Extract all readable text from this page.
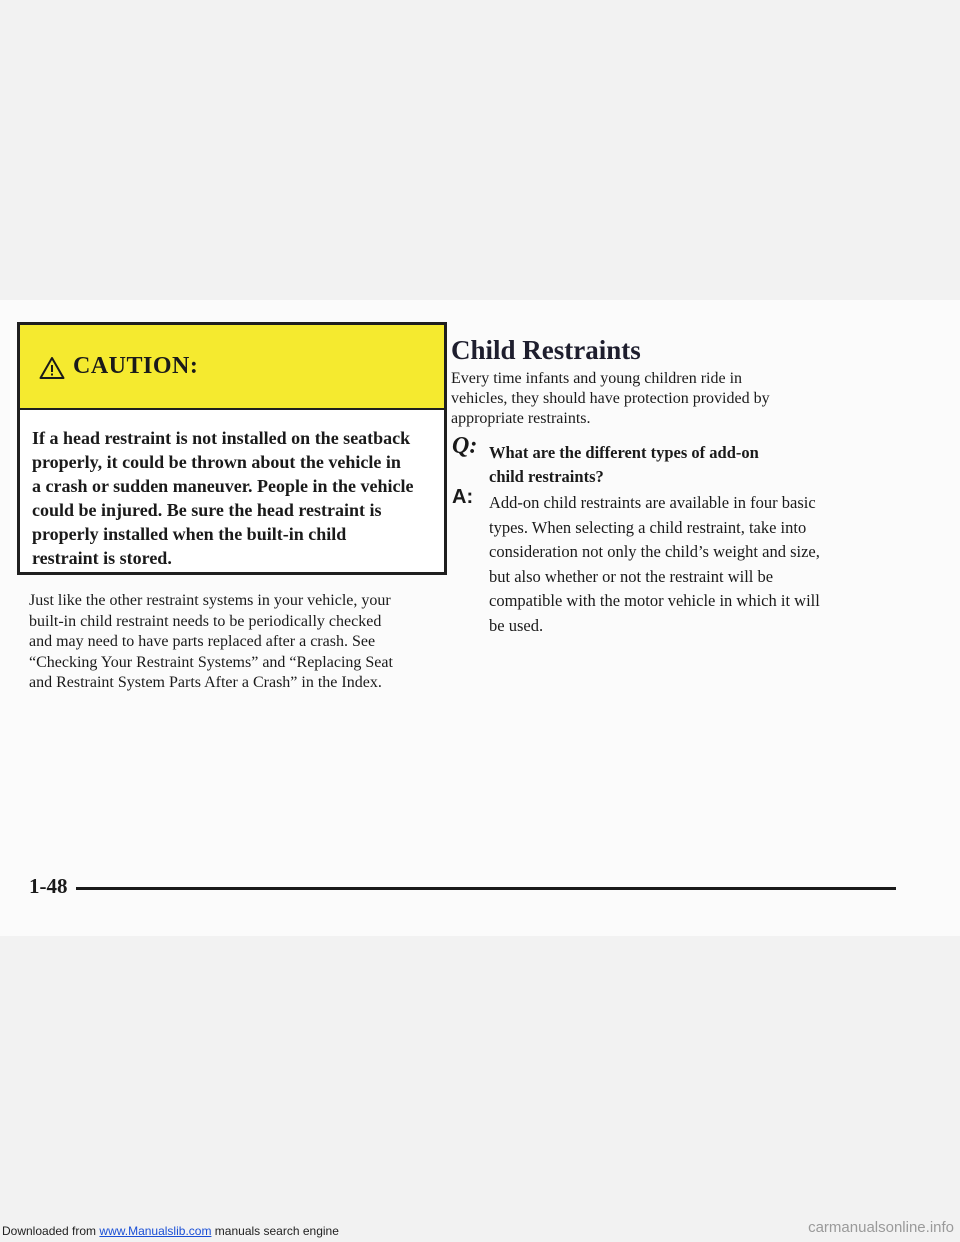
CAUTION:
If a head restraint is not installed on the seatback
properly, it could be thrown about the vehicle in
a crash or sudden maneuver. People in the vehicle
could be injured. Be sure the head restraint is
properly installed when the built-in child
restraint is stored.
Just like the other restraint systems in your vehicle, your
built-in child restraint needs to be periodically checked
and may need to have parts replaced after a crash. See
“Checking Your Restraint Systems” and “Replacing Seat
and Restraint System Parts After a Crash” in the Index.
Child Restraints
Every time infants and young children ride in
vehicles, they should have protection provided by
appropriate restraints.
Q: What are the different types of add-on
child restraints?
A: Add-on child restraints are available in four basic
types. When selecting a child restraint, take into
consideration not only the child’s weight and size,
but also whether or not the restraint will be
compatible with the motor vehicle in which it will
be used.
1-48
Downloaded from www.Manualslib.com manuals search engine	carmanualsonline.info
